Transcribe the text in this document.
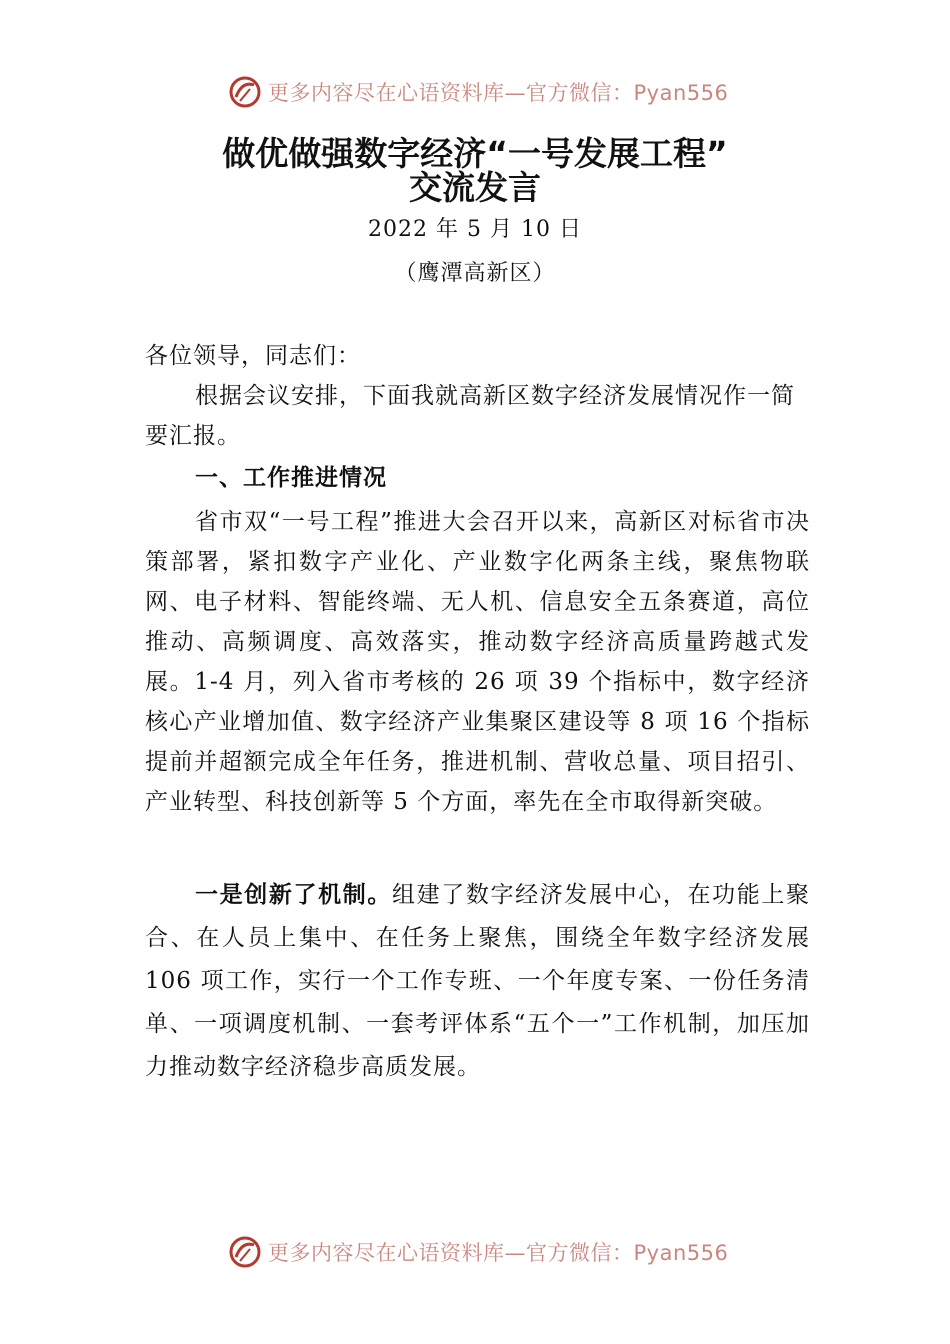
更多内容尽在心语资料库—官方微信：Pyan556
做优做强数字经济“一号发展工程”
交流发言
2022 年 5 月 10 日
（鹰潭高新区）
各位领导，同志们：
根据会议安排，下面我就高新区数字经济发展情况作一简要汇报。
一、工作推进情况
省市双“一号工程”推进大会召开以来，高新区对标省市决策部署，紧扣数字产业化、产业数字化两条主线，聚焦物联网、电子材料、智能终端、无人机、信息安全五条赛道，高位推动、高频调度、高效落实，推动数字经济高质量跨越式发展。1-4 月，列入省市考核的 26 项 39 个指标中，数字经济核心产业增加值、数字经济产业集聚区建设等 8 项 16 个指标提前并超额完成全年任务，推进机制、营收总量、项目招引、产业转型、科技创新等 5 个方面，率先在全市取得新突破。
一是创新了机制。组建了数字经济发展中心，在功能上聚合、在人员上集中、在任务上聚焦，围绕全年数字经济发展 106 项工作，实行一个工作专班、一个年度专案、一份任务清单、一项调度机制、一套考评体系“五个一”工作机制，加压加力推动数字经济稳步高质发展。
更多内容尽在心语资料库—官方微信：Pyan556
